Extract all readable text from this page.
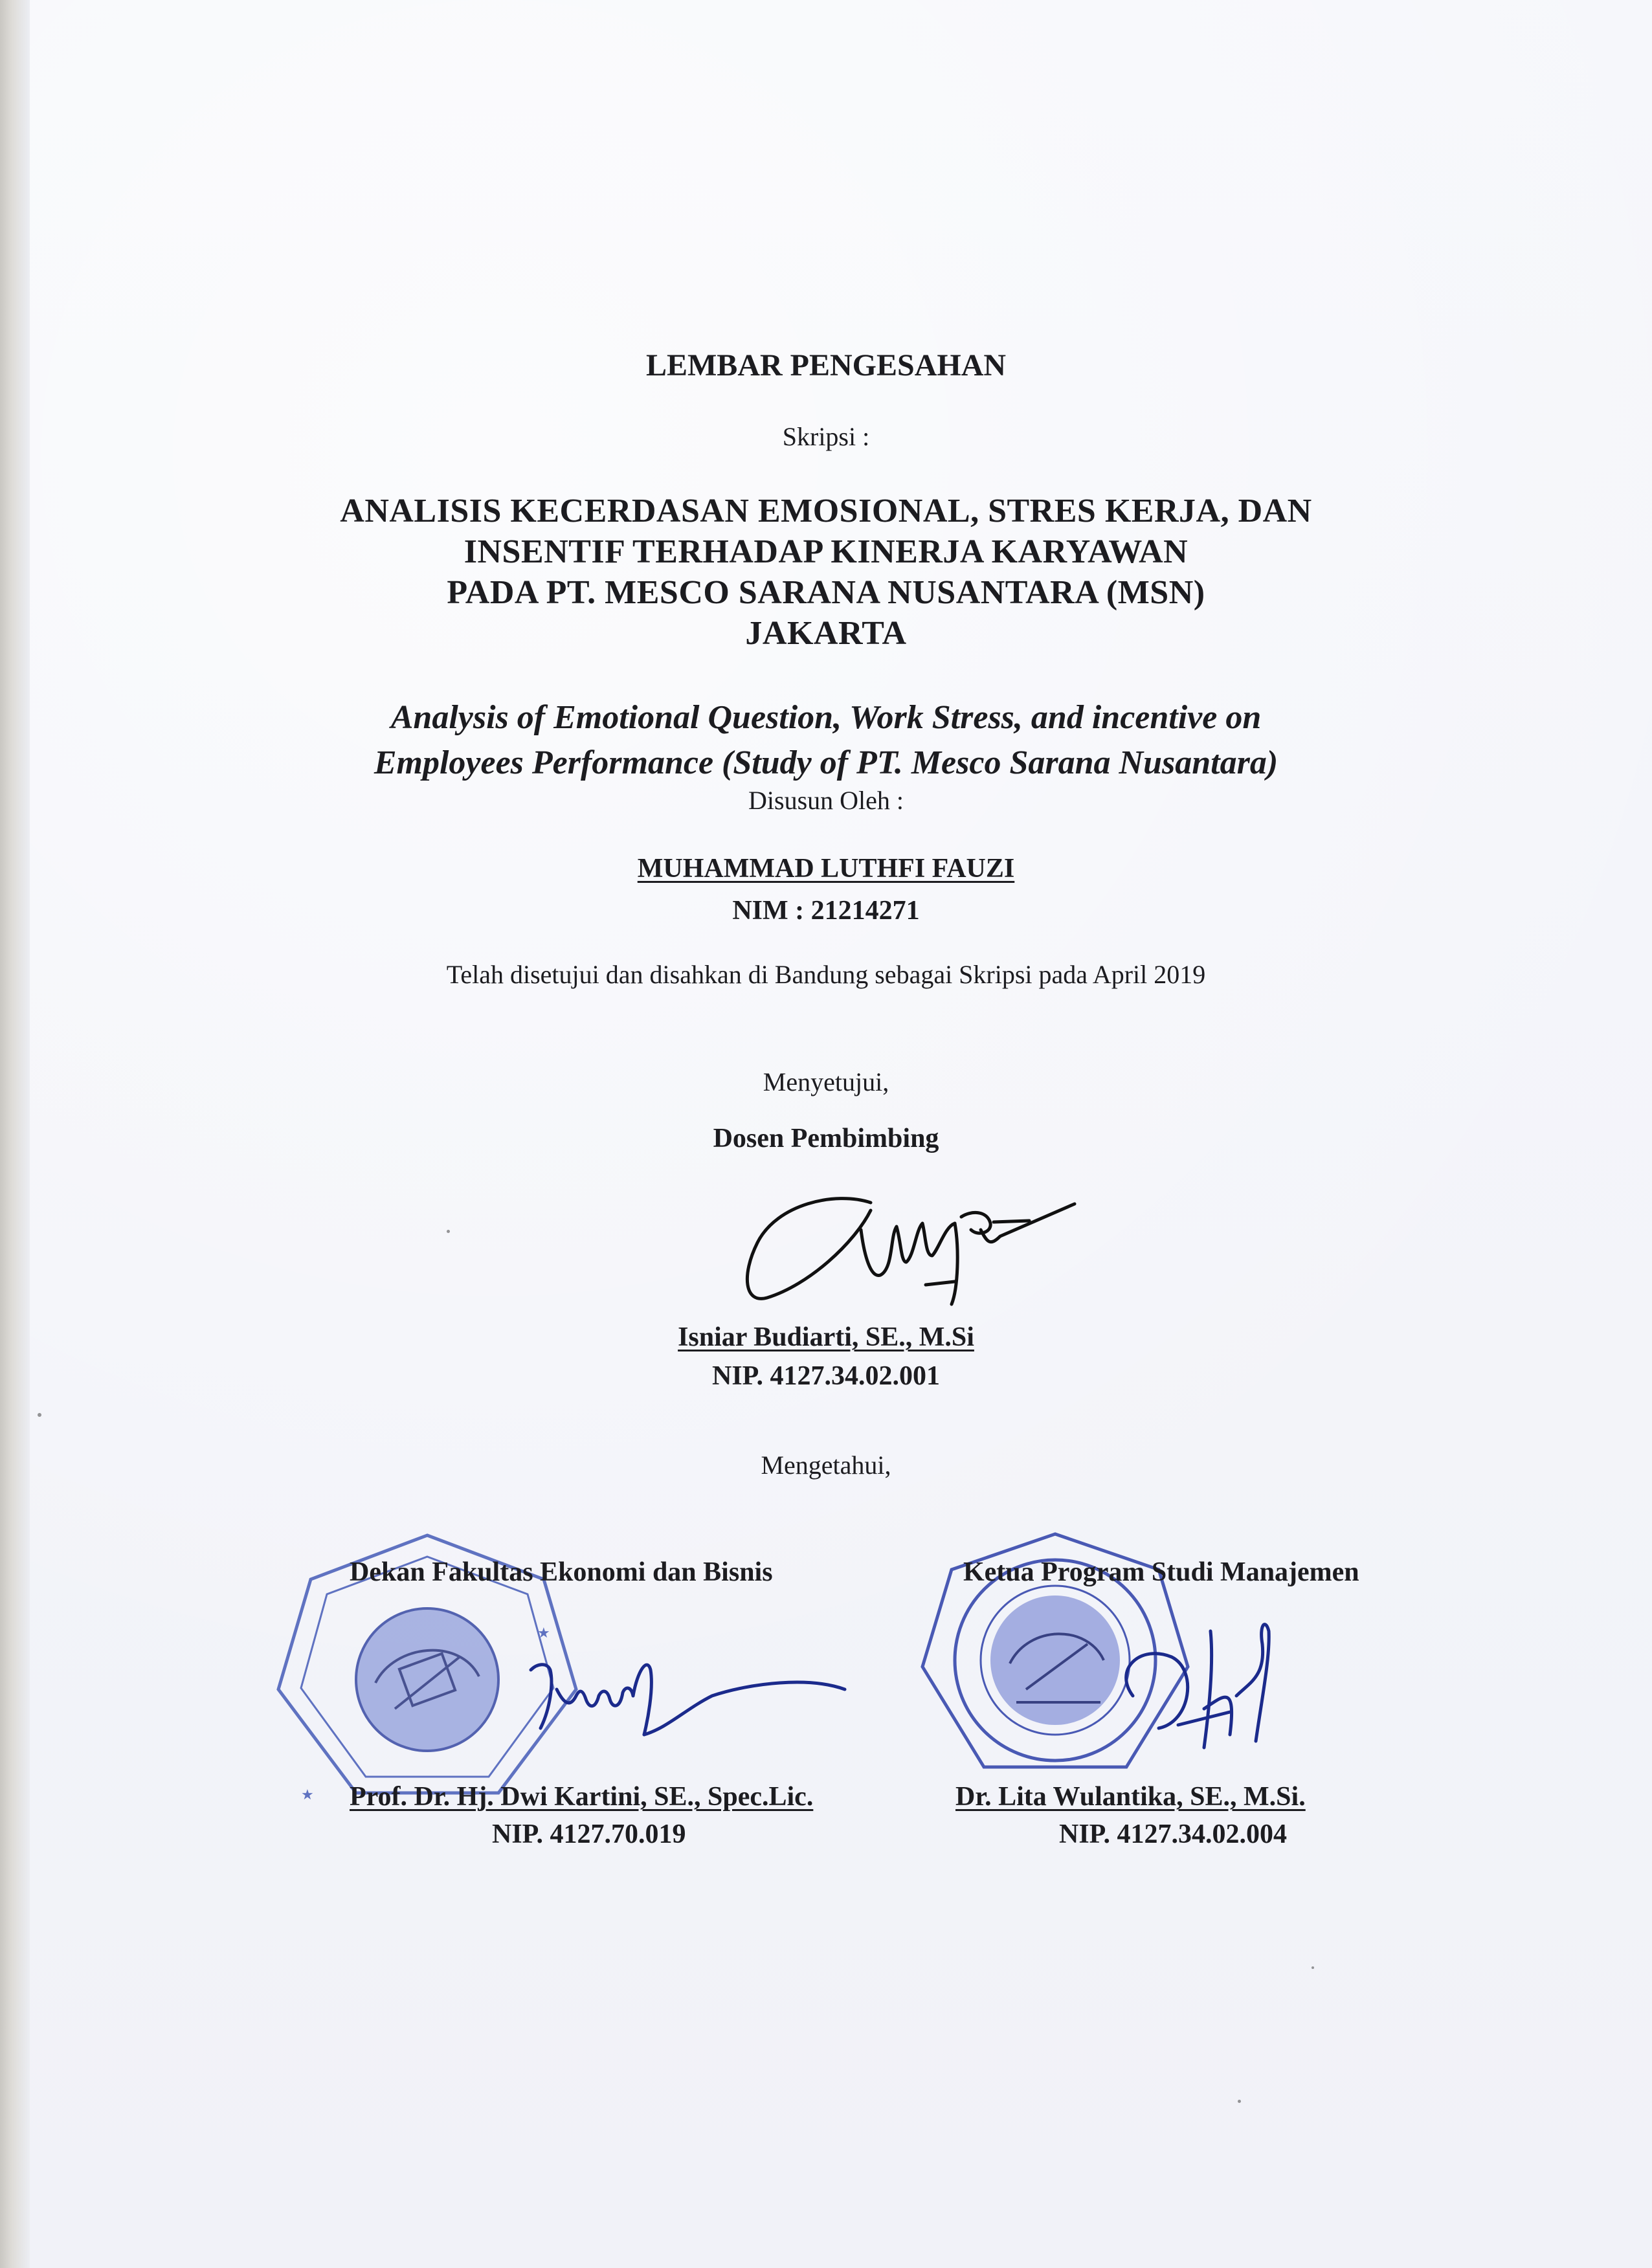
LEMBAR PENGESAHAN
Skripsi :
ANALISIS KECERDASAN EMOSIONAL, STRES KERJA, DAN
INSENTIF TERHADAP KINERJA KARYAWAN
PADA PT. MESCO SARANA NUSANTARA (MSN)
JAKARTA
Analysis of Emotional Question, Work Stress, and incentive on
Employees Performance (Study of PT. Mesco Sarana Nusantara)
Disusun Oleh :
MUHAMMAD LUTHFI FAUZI
NIM : 21214271
Telah disetujui dan disahkan di Bandung sebagai Skripsi pada April 2019
Menyetujui,
Dosen Pembimbing
Isniar Budiarti, SE., M.Si
NIP. 4127.34.02.001
Mengetahui,
★
★
Dekan Fakultas Ekonomi dan Bisnis	Ketua Program Studi Manajemen
Prof. Dr. Hj. Dwi Kartini, SE., Spec.Lic.
NIP. 4127.70.019
Dr. Lita Wulantika, SE., M.Si.
NIP. 4127.34.02.004
